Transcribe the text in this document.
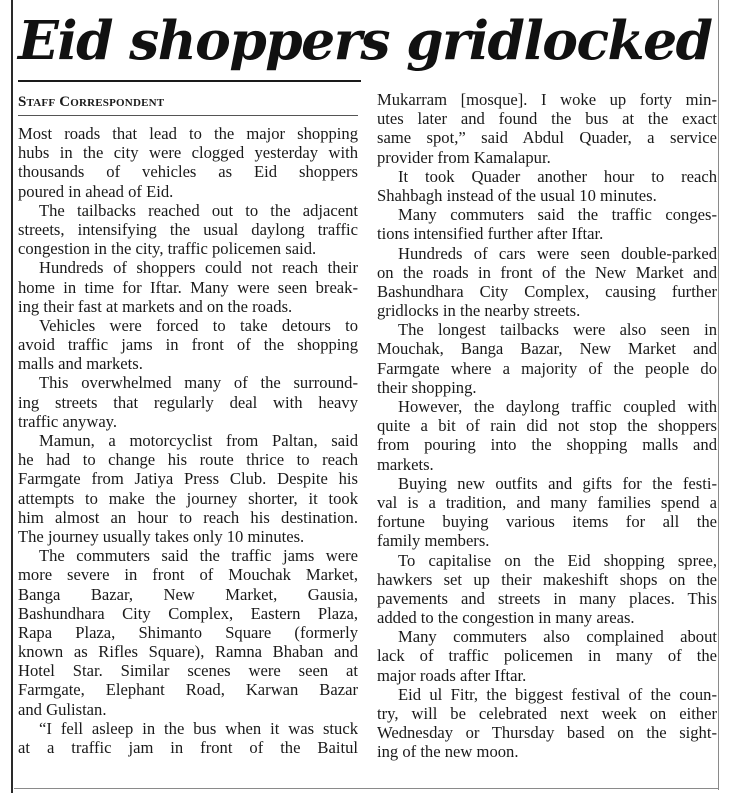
Eid shoppers gridlocked

Staff Correspondent

Most roads that lead to the major shopping
hubs in the city were clogged yesterday with
thousands of vehicles as Eid shoppers
poured in ahead of Eid.
The tailbacks reached out to the adjacent
streets, intensifying the usual daylong traffic
congestion in the city, traffic policemen said.
Hundreds of shoppers could not reach their
home in time for Iftar. Many were seen break-
ing their fast at markets and on the roads.
Vehicles were forced to take detours to
avoid traffic jams in front of the shopping
malls and markets.
This overwhelmed many of the surround-
ing streets that regularly deal with heavy
traffic anyway.
Mamun, a motorcyclist from Paltan, said
he had to change his route thrice to reach
Farmgate from Jatiya Press Club. Despite his
attempts to make the journey shorter, it took
him almost an hour to reach his destination.
The journey usually takes only 10 minutes.
The commuters said the traffic jams were
more severe in front of Mouchak Market,
Banga Bazar, New Market, Gausia,
Bashundhara City Complex, Eastern Plaza,
Rapa Plaza, Shimanto Square (formerly
known as Rifles Square), Ramna Bhaban and
Hotel Star. Similar scenes were seen at
Farmgate, Elephant Road, Karwan Bazar
and Gulistan.
“I fell asleep in the bus when it was stuck
at a traffic jam in front of the Baitul
Mukarram [mosque]. I woke up forty min-
utes later and found the bus at the exact
same spot,” said Abdul Quader, a service
provider from Kamalapur.
It took Quader another hour to reach
Shahbagh instead of the usual 10 minutes.
Many commuters said the traffic conges-
tions intensified further after Iftar.
Hundreds of cars were seen double-parked
on the roads in front of the New Market and
Bashundhara City Complex, causing further
gridlocks in the nearby streets.
The longest tailbacks were also seen in
Mouchak, Banga Bazar, New Market and
Farmgate where a majority of the people do
their shopping.
However, the daylong traffic coupled with
quite a bit of rain did not stop the shoppers
from pouring into the shopping malls and
markets.
Buying new outfits and gifts for the festi-
val is a tradition, and many families spend a
fortune buying various items for all the
family members.
To capitalise on the Eid shopping spree,
hawkers set up their makeshift shops on the
pavements and streets in many places. This
added to the congestion in many areas.
Many commuters also complained about
lack of traffic policemen in many of the
major roads after Iftar.
Eid ul Fitr, the biggest festival of the coun-
try, will be celebrated next week on either
Wednesday or Thursday based on the sight-
ing of the new moon.
